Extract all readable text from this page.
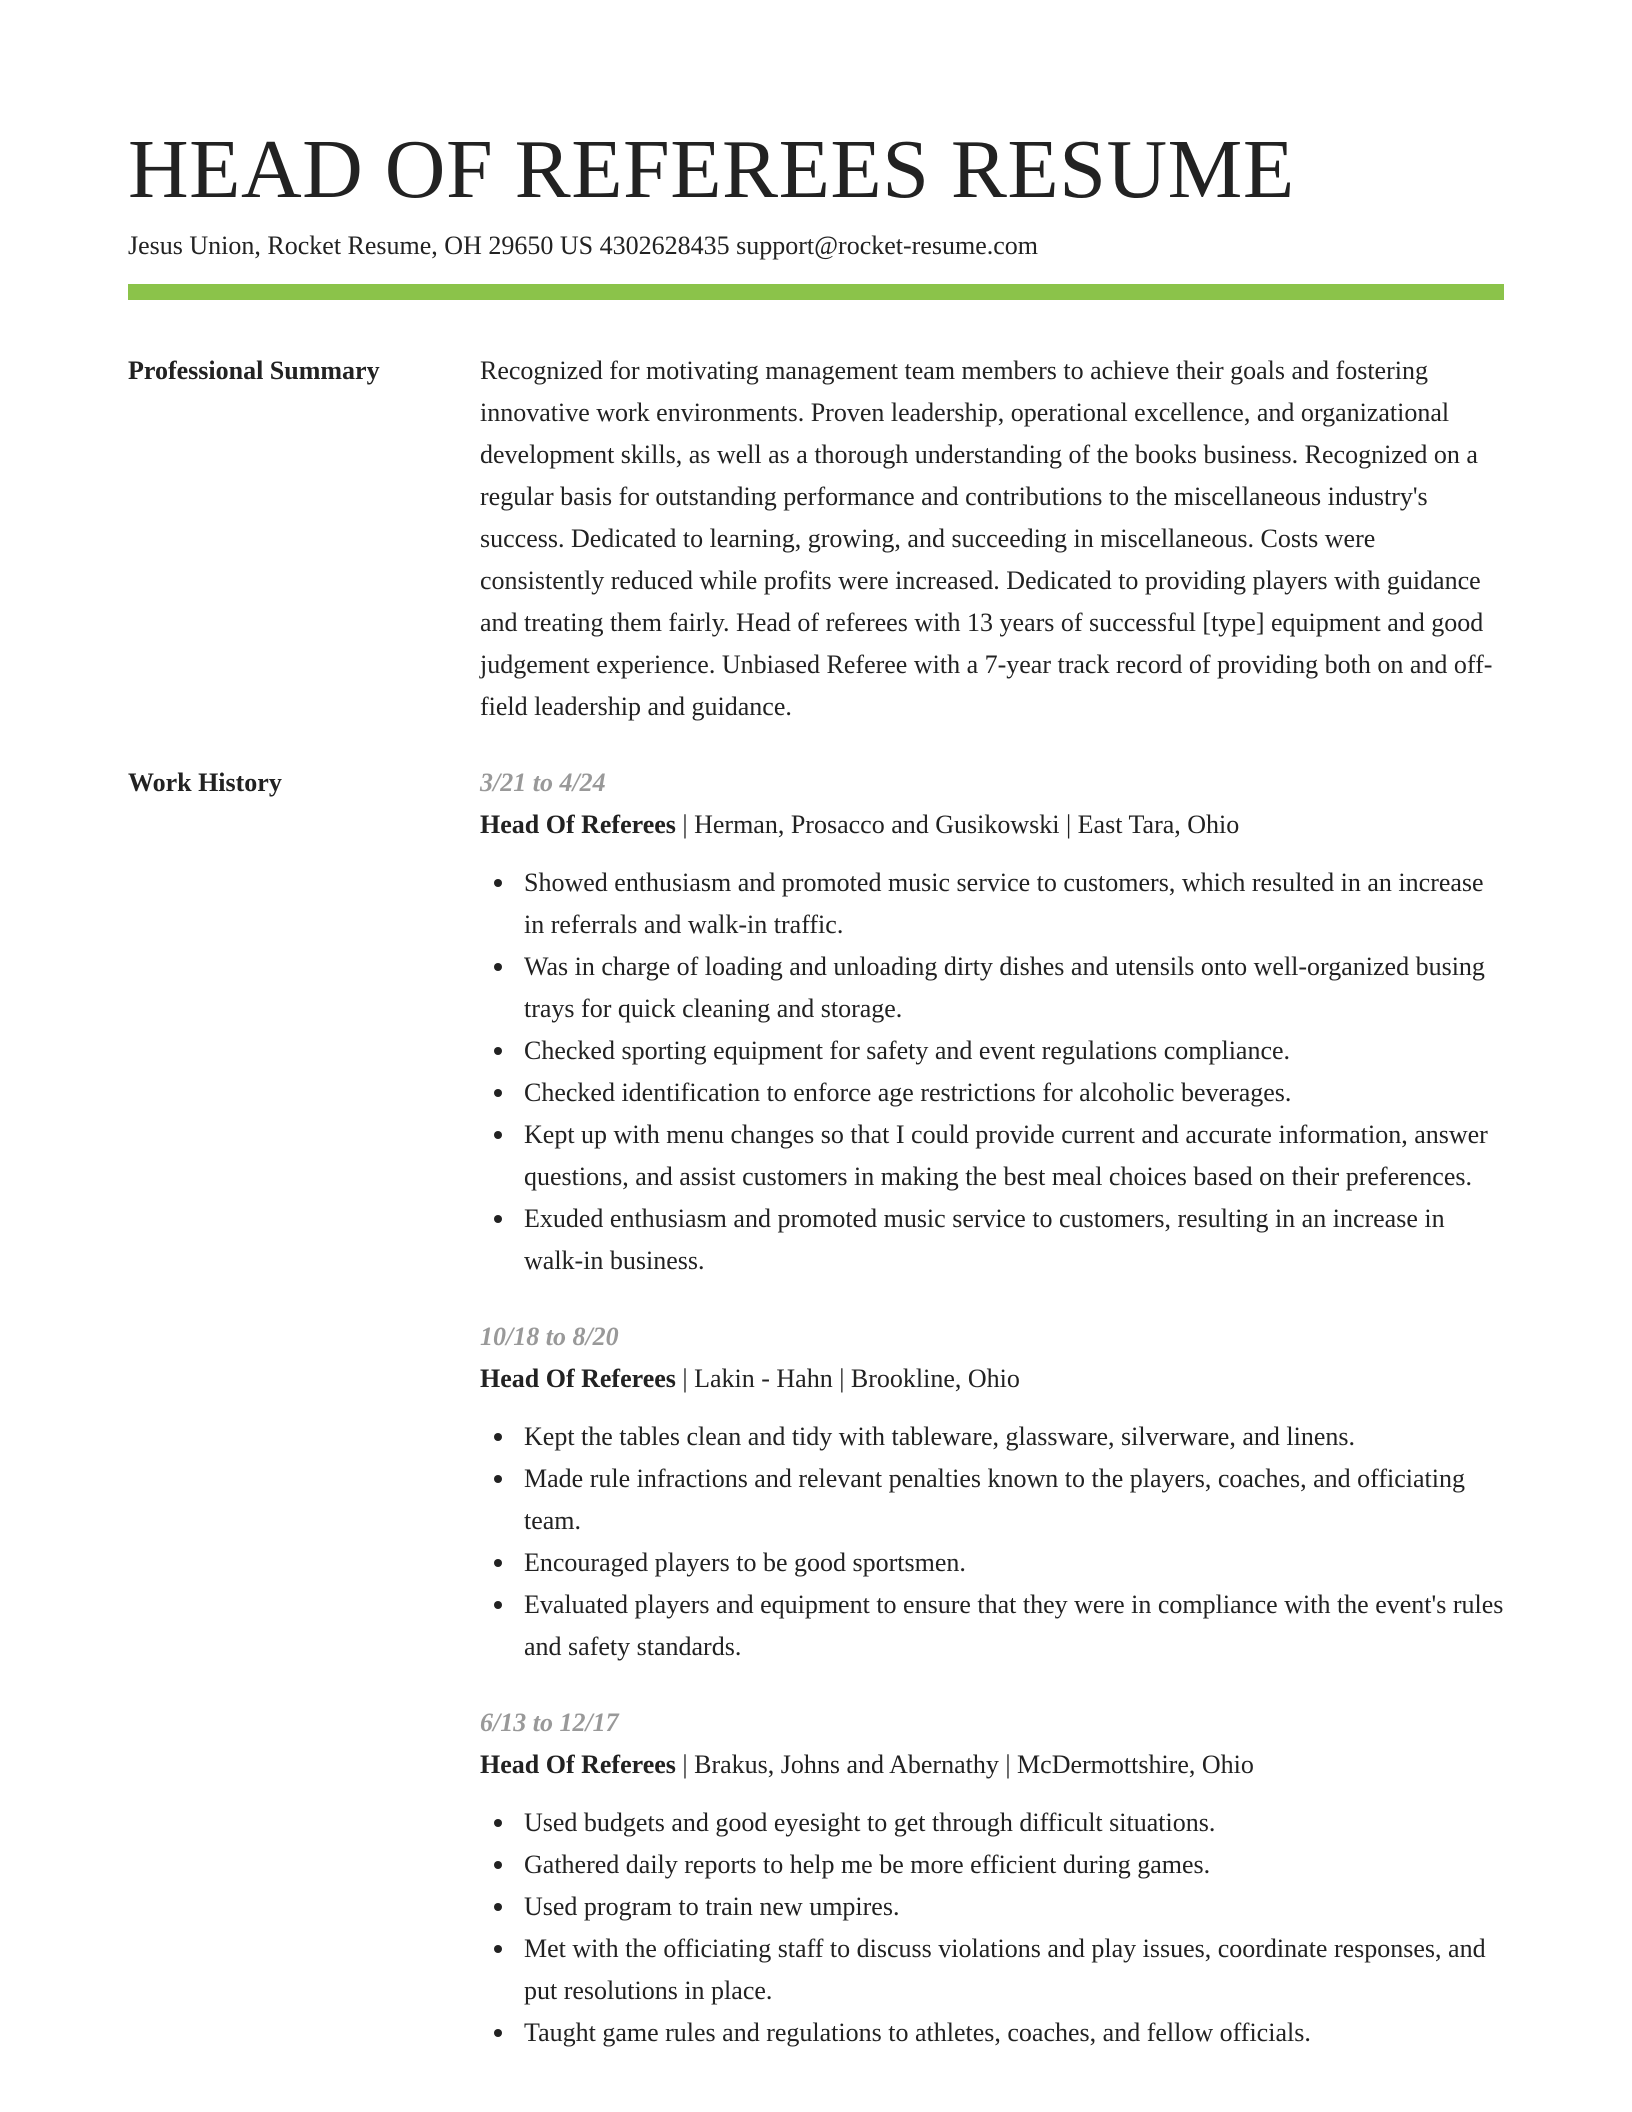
HEAD OF REFEREES RESUME
Jesus Union, Rocket Resume, OH 29650 US 4302628435 support@rocket-resume.com
Professional Summary	Recognized for motivating management team members to achieve their goals and fostering innovative work environments. Proven leadership, operational excellence, and organizational development skills, as well as a thorough understanding of the books business. Recognized on a regular basis for outstanding performance and contributions to the miscellaneous industry's success. Dedicated to learning, growing, and succeeding in miscellaneous. Costs were consistently reduced while profits were increased. Dedicated to providing players with guidance and treating them fairly. Head of referees with 13 years of successful [type] equipment and good judgement experience. Unbiased Referee with a 7-year track record of providing both on and off-field leadership and guidance.

Work History	3/21 to 4/24
Head Of Referees | Herman, Prosacco and Gusikowski | East Tara, Ohio
Showed enthusiasm and promoted music service to customers, which resulted in an increase in referrals and walk-in traffic.
Was in charge of loading and unloading dirty dishes and utensils onto well-organized busing trays for quick cleaning and storage.
Checked sporting equipment for safety and event regulations compliance.
Checked identification to enforce age restrictions for alcoholic beverages.
Kept up with menu changes so that I could provide current and accurate information, answer questions, and assist customers in making the best meal choices based on their preferences.
Exuded enthusiasm and promoted music service to customers, resulting in an increase in walk-in business.
10/18 to 8/20
Head Of Referees | Lakin - Hahn | Brookline, Ohio
Kept the tables clean and tidy with tableware, glassware, silverware, and linens.
Made rule infractions and relevant penalties known to the players, coaches, and officiating team.
Encouraged players to be good sportsmen.
Evaluated players and equipment to ensure that they were in compliance with the event's rules and safety standards.
6/13 to 12/17
Head Of Referees | Brakus, Johns and Abernathy | McDermottshire, Ohio
Used budgets and good eyesight to get through difficult situations.
Gathered daily reports to help me be more efficient during games.
Used program to train new umpires.
Met with the officiating staff to discuss violations and play issues, coordinate responses, and put resolutions in place.
Taught game rules and regulations to athletes, coaches, and fellow officials.
